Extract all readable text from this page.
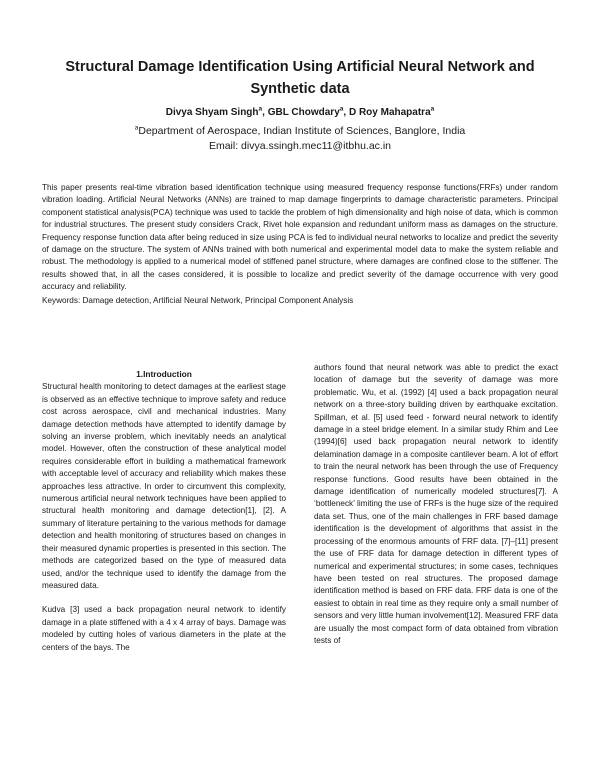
Structural Damage Identification Using Artificial Neural Network and Synthetic data
Divya Shyam Singh$^a$, GBL Chowdary$^a$, D Roy Mahapatra$^a$
$^a$Department of Aerospace, Indian Institute of Sciences, Banglore, India
Email: divya.ssingh.mec11@itbhu.ac.in
This paper presents real-time vibration based identification technique using measured frequency response functions(FRFs) under random vibration loading. Artificial Neural Networks (ANNs) are trained to map damage fingerprints to damage characteristic parameters. Principal component statistical analysis(PCA) technique was used to tackle the problem of high dimensionality and high noise of data, which is common for industrial structures. The present study considers Crack, Rivet hole expansion and redundant uniform mass as damages on the structure. Frequency response function data after being reduced in size using PCA is fed to individual neural networks to localize and predict the severity of damage on the structure. The system of ANNs trained with both numerical and experimental model data to make the system reliable and robust. The methodology is applied to a numerical model of stiffened panel structure, where damages are confined close to the stiffener. The results showed that, in all the cases considered, it is possible to localize and predict severity of the damage occurrence with very good accuracy and reliability.
Keywords: Damage detection, Artificial Neural Network, Principal Component Analysis
1.Introduction

Structural health monitoring to detect damages at the earliest stage is observed as an effective technique to improve safety and reduce cost across aerospace, civil and mechanical industries. Many damage detection methods have attempted to identify damage by solving an inverse problem, which inevitably needs an analytical model. However, often the construction of these analytical model requires considerable effort in building a mathematical framework with acceptable level of accuracy and reliability which makes these approaches less attractive. In order to circumvent this complexity, numerous artificial neural network techniques have been applied to structural health monitoring and damage detection[1], [2]. A summary of literature pertaining to the various methods for damage detection and health monitoring of structures based on changes in their measured dynamic properties is presented in this section. The methods are categorized based on the type of measured data used, and/or the technique used to identify the damage from the measured data.

Kudva [3] used a back propagation neural network to identify damage in a plate stiffened with a 4 x 4 array of bays. Damage was modeled by cutting holes of various diameters in the plate at the centers of the bays. The

authors found that neural network was able to predict the exact location of damage but the severity of damage was more problematic. Wu, et al. (1992) [4] used a back propagation neural network on a three-story building driven by earthquake excitation. Spillman, et al. [5] used feed - forward neural network to identify damage in a steel bridge element. In a similar study Rhim and Lee (1994)[6] used back propagation neural network to identify delamination damage in a composite cantilever beam. A lot of effort to train the neural network has been through the use of Frequency response functions. Good results have been obtained in the damage identification of numerically modeled structures[7]. A ‘bottleneck’ limiting the use of FRFs is the huge size of the required data set. Thus, one of the main challenges in FRF based damage identification is the development of algorithms that assist in the processing of the enormous amounts of FRF data. [7]–[11] present the use of FRF data for damage detection in different types of numerical and experimental structures; in some cases, techniques have been tested on real structures. The proposed damage identification method is based on FRF data. FRF data is one of the easiest to obtain in real time as they require only a small number of sensors and very little human involvement[12]. Measured FRF data are usually the most compact form of data obtained from vibration tests of
